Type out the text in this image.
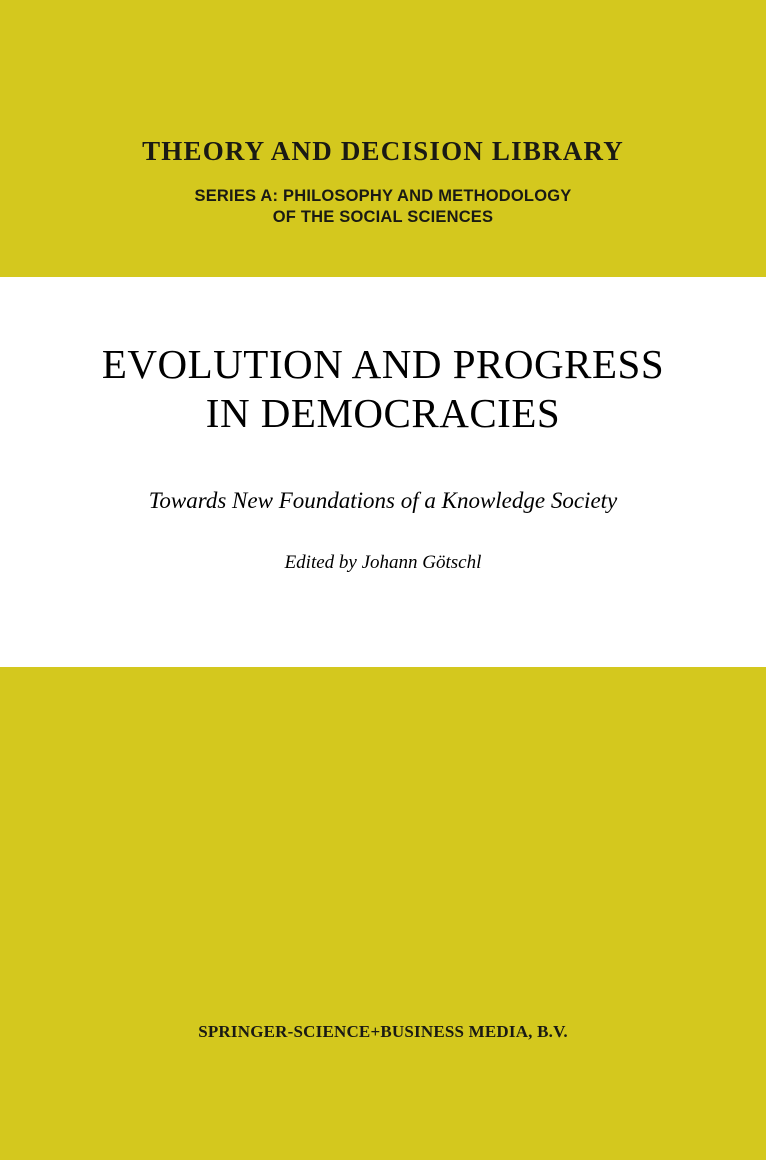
THEORY AND DECISION LIBRARY
SERIES A: PHILOSOPHY AND METHODOLOGY
OF THE SOCIAL SCIENCES
EVOLUTION AND PROGRESS
IN DEMOCRACIES
Towards New Foundations of a Knowledge Society
Edited by Johann Götschl
SPRINGER-SCIENCE+BUSINESS MEDIA, B.V.
